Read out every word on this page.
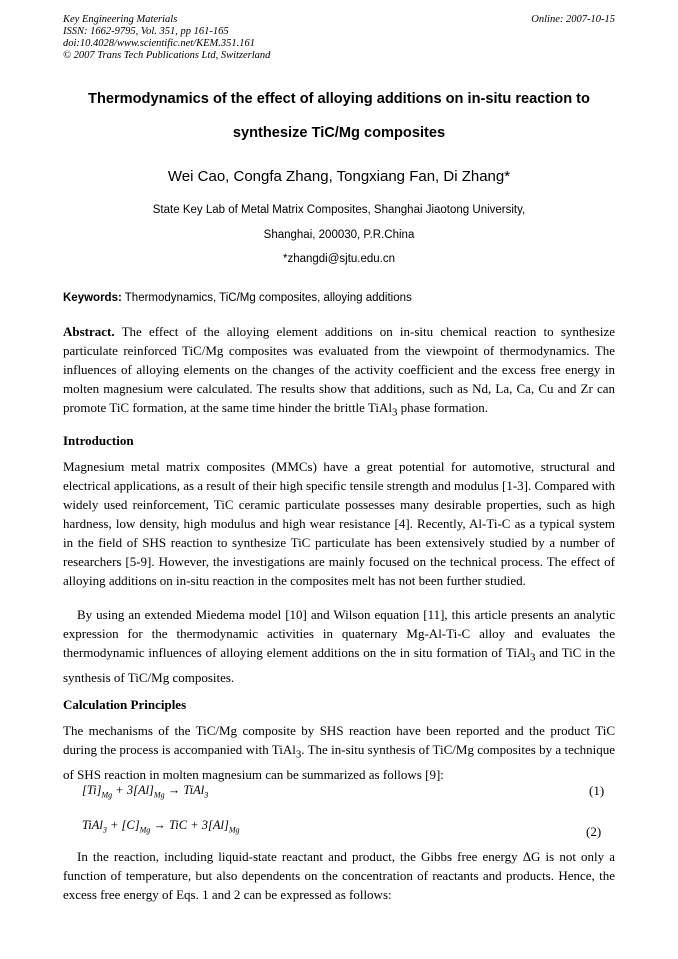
Key Engineering Materials
ISSN: 1662-9795, Vol. 351, pp 161-165
doi:10.4028/www.scientific.net/KEM.351.161
© 2007 Trans Tech Publications Ltd, Switzerland
Online: 2007-10-15
Thermodynamics of the effect of alloying additions on in-situ reaction to
synthesize TiC/Mg composites
Wei Cao, Congfa Zhang, Tongxiang Fan, Di Zhang*
State Key Lab of Metal Matrix Composites, Shanghai Jiaotong University,
Shanghai, 200030, P.R.China
*zhangdi@sjtu.edu.cn
Keywords: Thermodynamics, TiC/Mg composites, alloying additions
Abstract. The effect of the alloying element additions on in-situ chemical reaction to synthesize particulate reinforced TiC/Mg composites was evaluated from the viewpoint of thermodynamics. The influences of alloying elements on the changes of the activity coefficient and the excess free energy in molten magnesium were calculated. The results show that additions, such as Nd, La, Ca, Cu and Zr can promote TiC formation, at the same time hinder the brittle TiAl$_3$ phase formation.
Introduction
Magnesium metal matrix composites (MMCs) have a great potential for automotive, structural and electrical applications, as a result of their high specific tensile strength and modulus [1-3]. Compared with widely used reinforcement, TiC ceramic particulate possesses many desirable properties, such as high hardness, low density, high modulus and high wear resistance [4]. Recently, Al-Ti-C as a typical system in the field of SHS reaction to synthesize TiC particulate has been extensively studied by a number of researchers [5-9]. However, the investigations are mainly focused on the technical process. The effect of alloying additions on in-situ reaction in the composites melt has not been further studied.
By using an extended Miedema model [10] and Wilson equation [11], this article presents an analytic expression for the thermodynamic activities in quaternary Mg-Al-Ti-C alloy and evaluates the thermodynamic influences of alloying element additions on the in situ formation of TiAl$_3$ and TiC in the synthesis of TiC/Mg composites.
Calculation Principles
The mechanisms of the TiC/Mg composite by SHS reaction have been reported and the product TiC during the process is accompanied with TiAl$_3$. The in-situ synthesis of TiC/Mg composites by a technique of SHS reaction in molten magnesium can be summarized as follows [9]:
$[Ti]_{Mg} + 3[Al]_{Mg}$ → TiAl$_3$	(1)
TiAl$_3$ + $[C]_{Mg}$ → TiC + $3[Al]_{Mg}$	(2)
In the reaction, including liquid-state reactant and product, the Gibbs free energy ΔG is not only a function of temperature, but also dependents on the concentration of reactants and products. Hence, the excess free energy of Eqs. 1 and 2 can be expressed as follows:
